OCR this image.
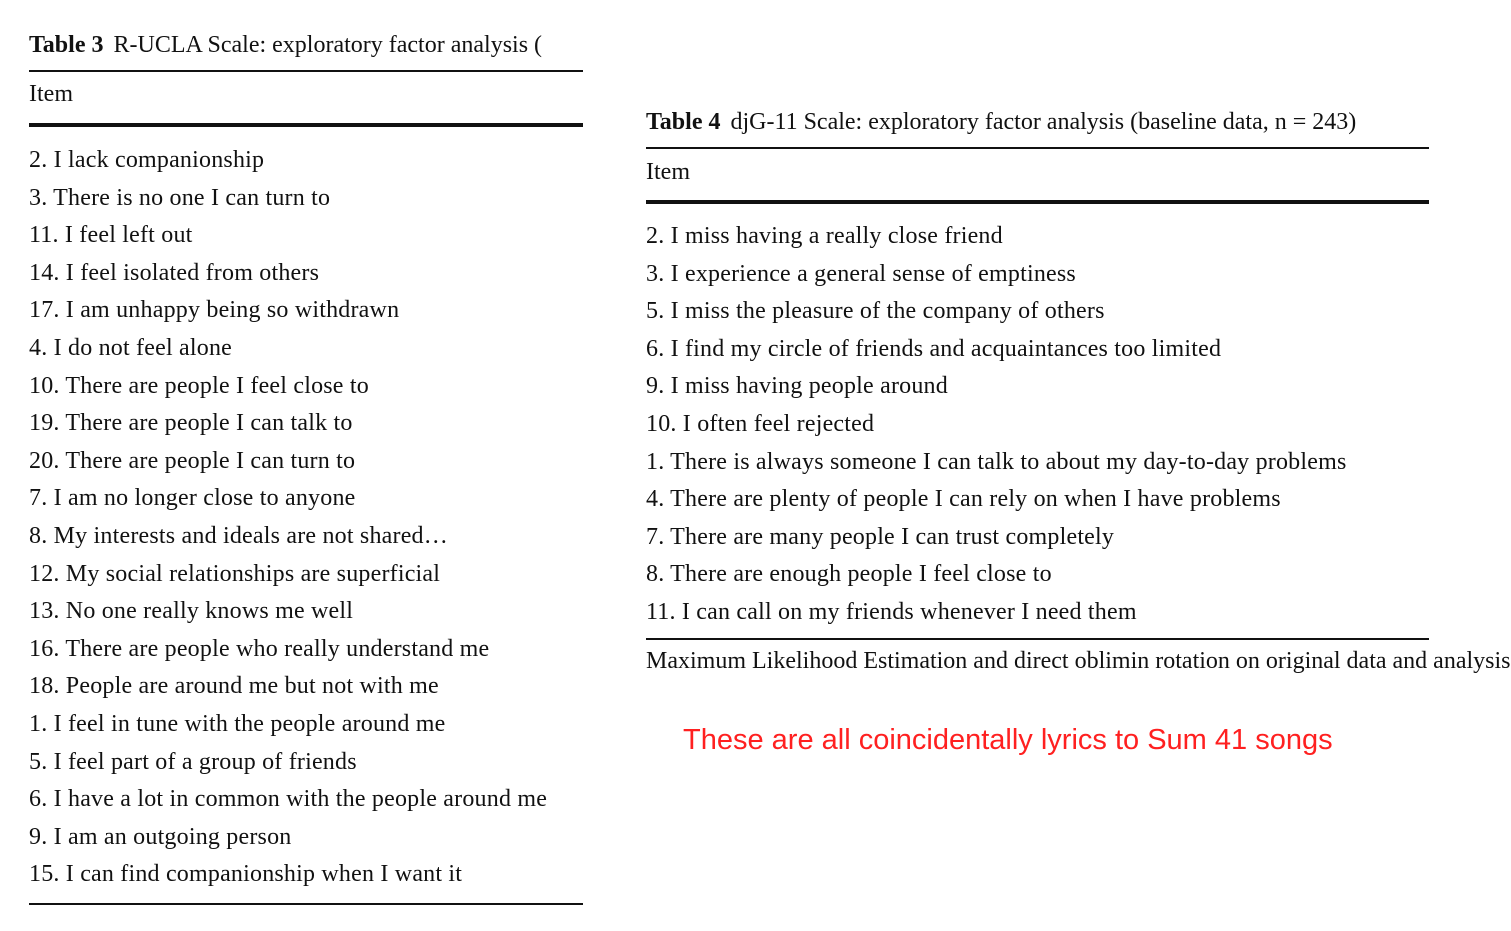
Table 3 R-UCLA Scale: exploratory factor analysis (
Item
2. I lack companionship
3. There is no one I can turn to
11. I feel left out
14. I feel isolated from others
17. I am unhappy being so withdrawn
4. I do not feel alone
10. There are people I feel close to
19. There are people I can talk to
20. There are people I can turn to
7. I am no longer close to anyone
8. My interests and ideals are not shared…
12. My social relationships are superficial
13. No one really knows me well
16. There are people who really understand me
18. People are around me but not with me
1. I feel in tune with the people around me
5. I feel part of a group of friends
6. I have a lot in common with the people around me
9. I am an outgoing person
15. I can find companionship when I want it
Table 4 djG-11 Scale: exploratory factor analysis (baseline data, n = 243)
Item
2. I miss having a really close friend
3. I experience a general sense of emptiness
5. I miss the pleasure of the company of others
6. I find my circle of friends and acquaintances too limited
9. I miss having people around
10. I often feel rejected
1. There is always someone I can talk to about my day-to-day problems
4. There are plenty of people I can rely on when I have problems
7. There are many people I can trust completely
8. There are enough people I feel close to
11. I can call on my friends whenever I need them
Maximum Likelihood Estimation and direct oblimin rotation on original data and analysis
These are all coincidentally lyrics to Sum 41 songs
